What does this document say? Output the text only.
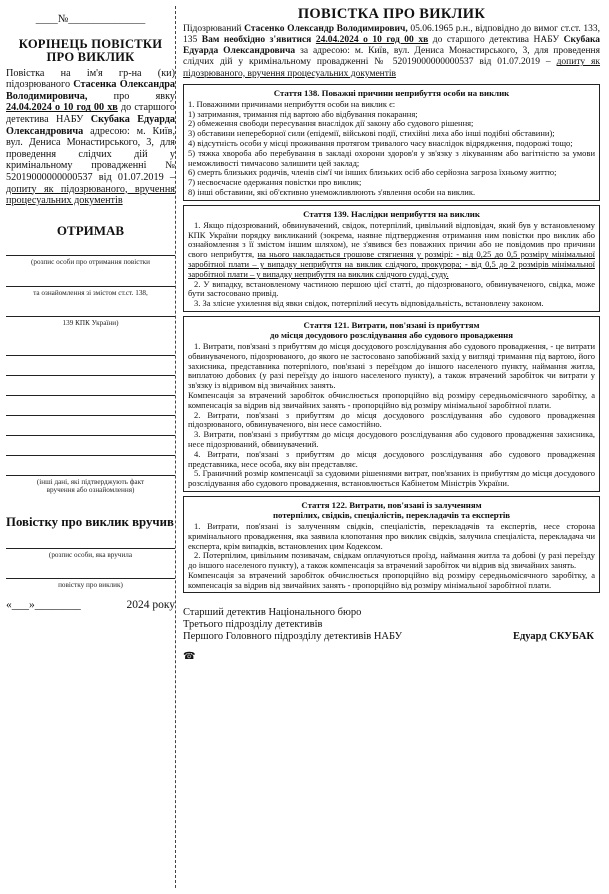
____№______________
КОРІНЕЦЬ ПОВІСТКИ ПРО ВИКЛИК

Повістка на ім'я гр-на (ки) підозрюваного Стасенка Олександра Володимировича,	про явку 24.04.2024 о 10 год 00 хв до старшого детектива НАБУ Скубака Едуарда Олександровича адресою: м. Київ, вул. Дениса Монастирського, 3, для проведення слідчих дій у кримінальному провадженні № 52019000000000537 від 01.07.2019 – допиту як підозрюваного, вручення процесуальних документів

ОТРИМАВ
(розпис особи про отримання повістки
та ознайомлення зі змістом ст.ст. 138,
139 КПК України)
(інші дані, які підтверджують факт
вручення або ознайомлення)
Повістку про виклик вручив
(розпис особи, яка вручила
повістку про виклик)
«___»________	2024 року
ПОВІСТКА ПРО ВИКЛИК
Підозрюваний Стасенко Олександр Володимирович, 05.06.1965 р.н., відповідно до вимог ст.ст. 133, 135 Вам необхідно з'явитися 24.04.2024 о 10 год 00 хв до старшого детектива НАБУ Скубака Едуарда Олександровича за адресою: м. Київ, вул. Дениса Монастирського, 3, для проведення слідчих дій у кримінальному провадженні № 52019000000000537 від 01.07.2019 – допиту як підозрюваного, вручення процесуальних документів
Стаття 138. Поважні причини неприбуття особи на виклик

1. Поважними причинами неприбуття особи на виклик є:

1) затримання, тримання під вартою або відбування покарання;

2) обмеження свободи пересування внаслідок дії закону або судового рішення;

3) обставини непереборної сили (епідемії, військові події, стихійні лиха або інші подібні обставини);

4) відсутність особи у місці проживання протягом тривалого часу внаслідок відрядження, подорожі тощо;

5) тяжка хвороба або перебування в закладі охорони здоров'я у зв'язку з лікуванням або вагітністю за умови неможливості тимчасово залишити цей заклад;

6) смерть близьких родичів, членів сім'ї чи інших близьких осіб або серйозна загроза їхньому життю;

7) несвоєчасне одержання повістки про виклик;

8) інші обставини, які об'єктивно унеможливлюють з'явлення особи на виклик.

Стаття 139. Наслідки неприбуття на виклик

1. Якщо підозрюваний, обвинувачений, свідок, потерпілий, цивільний відповідач, який був у встановленому КПК України порядку викликаний (зокрема, наявне підтвердження отримання ним повістки про виклик або ознайомлення з її змістом іншим шляхом), не з'явився без поважних причин або не повідомив про причини свого неприбуття, на нього накладається грошове стягнення у розмірі: - від 0,25 до 0,5 розміру мінімальної заробітної плати – у випадку неприбуття на виклик слідчого, прокурора; - від 0,5 до 2 розмірів мінімальної заробітної плати – у випадку неприбуття на виклик слідчого судді, суду.

2. У випадку, встановленому частиною першою цієї статті, до підозрюваного, обвинуваченого, свідка, може бути застосовано привід.

3. За злісне ухилення від явки свідок, потерпілий несуть відповідальність, встановлену законом.

Стаття 121. Витрати, пов'язані із прибуттям
до місця досудового розслідування або судового провадження

1. Витрати, пов'язані з прибуттям до місця досудового розслідування або судового провадження, - це витрати обвинуваченого, підозрюваного, до якого не застосовано запобіжний захід у вигляді тримання під вартою, його захисника, представника потерпілого, пов'язані з переїздом до іншого населеного пункту, наймання житла, виплатою добових (у разі переїзду до іншого населеного пункту), а також втрачений заробіток чи витрати у зв'язку із відривом від звичайних занять.

Компенсація за втрачений заробіток обчислюється пропорційно від розміру середньомісячного заробітку, а компенсація за відрив від звичайних занять - пропорційно від розміру мінімальної заробітної плати.

2. Витрати, пов'язані з прибуттям до місця досудового розслідування або судового провадження підозрюваного, обвинуваченого, він несе самостійно.

3. Витрати, пов'язані з прибуттям до місця досудового розслідування або судового провадження захисника, несе підозрюваний, обвинувачений.

4. Витрати, пов'язані з прибуттям до місця досудового розслідування або судового провадження представника, несе особа, яку він представляє.

5. Граничний розмір компенсації за судовими рішеннями витрат, пов'язаних із прибуттям до місця досудового розслідування або судового провадження, встановлюється Кабінетом Міністрів України.

Стаття 122. Витрати, пов'язані із залученням
потерпілих, свідків, спеціалістів, перекладачів та експертів

1. Витрати, пов'язані із залученням свідків, спеціалістів, перекладачів та експертів, несе сторона кримінального провадження, яка заявила клопотання про виклик свідків, залучила спеціаліста, перекладача чи експерта, крім випадків, встановлених цим Кодексом.

2. Потерпілим, цивільним позивачам, свідкам оплачуються проїзд, наймання житла та добові (у разі переїзду до іншого населеного пункту), а також компенсація за втрачений заробіток чи відрив від звичайних занять.

Компенсація за втрачений заробіток обчислюється пропорційно від розміру середньомісячного заробітку, а компенсація за відрив від звичайних занять - пропорційно від розміру мінімальної заробітної плати.

Старший детектив Національного бюро
Третього підрозділу детективів
Першого Головного підрозділу детективів НАБУ	Едуард СКУБАК
☎
